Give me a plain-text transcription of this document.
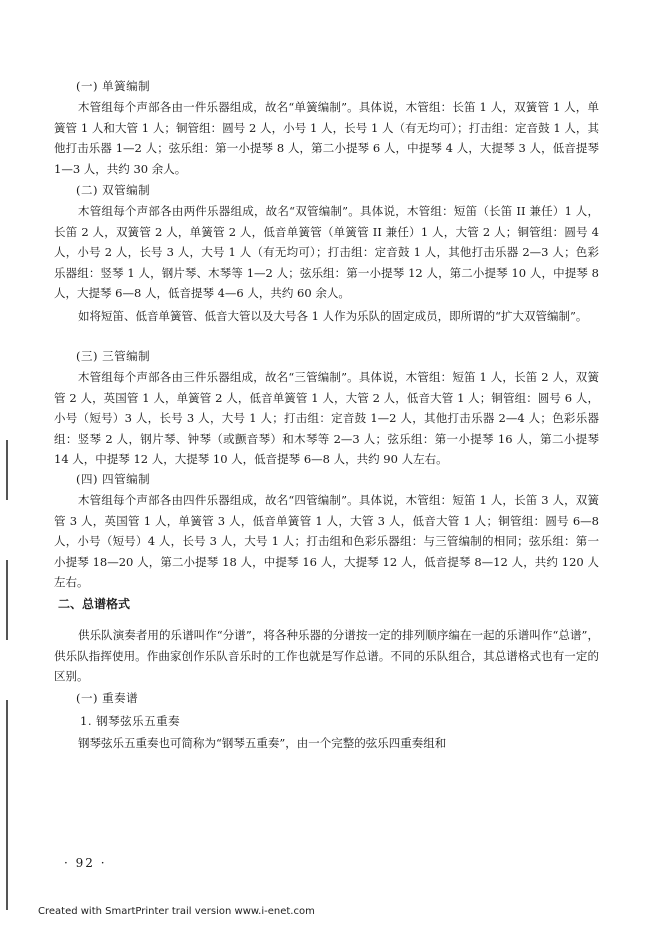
(一) 单簧编制

木管组每个声部各由一件乐器组成，故名“单簧编制”。具体说，木管组：长笛 1 人，双簧管 1 人，单簧管 1 人和大管 1 人；铜管组：圆号 2 人，小号 1 人，长号 1 人（有无均可）；打击组：定音鼓 1 人，其他打击乐器 1—2 人；弦乐组：第一小提琴 8 人，第二小提琴 6 人，中提琴 4 人，大提琴 3 人，低音提琴 1—3 人，共约 30 余人。

(二) 双管编制

木管组每个声部各由两件乐器组成，故名“双管编制”。具体说，木管组：短笛（长笛 II 兼任）1 人，长笛 2 人，双簧管 2 人，单簧管 2 人，低音单簧管（单簧管 II 兼任）1 人，大管 2 人；铜管组：圆号 4 人，小号 2 人，长号 3 人，大号 1 人（有无均可）；打击组：定音鼓 1 人，其他打击乐器 2—3 人；色彩乐器组：竖琴 1 人，钢片琴、木琴等 1—2 人；弦乐组：第一小提琴 12 人，第二小提琴 10 人，中提琴 8 人，大提琴 6—8 人，低音提琴 4—6 人，共约 60 余人。

如将短笛、低音单簧管、低音大管以及大号各 1 人作为乐队的固定成员，即所谓的“扩大双管编制”。

(三) 三管编制

木管组每个声部各由三件乐器组成，故名“三管编制”。具体说，木管组：短笛 1 人，长笛 2 人，双簧管 2 人，英国管 1 人，单簧管 2 人，低音单簧管 1 人，大管 2 人，低音大管 1 人；铜管组：圆号 6 人，小号（短号）3 人，长号 3 人，大号 1 人；打击组：定音鼓 1—2 人，其他打击乐器 2—4 人；色彩乐器组：竖琴 2 人，钢片琴、钟琴（或颤音琴）和木琴等 2—3 人；弦乐组：第一小提琴 16 人，第二小提琴 14 人，中提琴 12 人，大提琴 10 人，低音提琴 6—8 人，共约 90 人左右。

(四) 四管编制

木管组每个声部各由四件乐器组成，故名“四管编制”。具体说，木管组：短笛 1 人，长笛 3 人，双簧管 3 人，英国管 1 人，单簧管 3 人，低音单簧管 1 人，大管 3 人，低音大管 1 人；铜管组：圆号 6—8 人，小号（短号）4 人，长号 3 人，大号 1 人；打击组和色彩乐器组：与三管编制的相同；弦乐组：第一小提琴 18—20 人，第二小提琴 18 人，中提琴 16 人，大提琴 12 人，低音提琴 8—12 人，共约 120 人左右。

二、总谱格式

供乐队演奏者用的乐谱叫作“分谱”，将各种乐器的分谱按一定的排列顺序编在一起的乐谱叫作“总谱”，供乐队指挥使用。作曲家创作乐队音乐时的工作也就是写作总谱。不同的乐队组合，其总谱格式也有一定的区别。

(一) 重奏谱
1. 钢琴弦乐五重奏

钢琴弦乐五重奏也可简称为“钢琴五重奏”，由一个完整的弦乐四重奏组和

· 92 ·
Created with SmartPrinter trail version www.i-enet.com
